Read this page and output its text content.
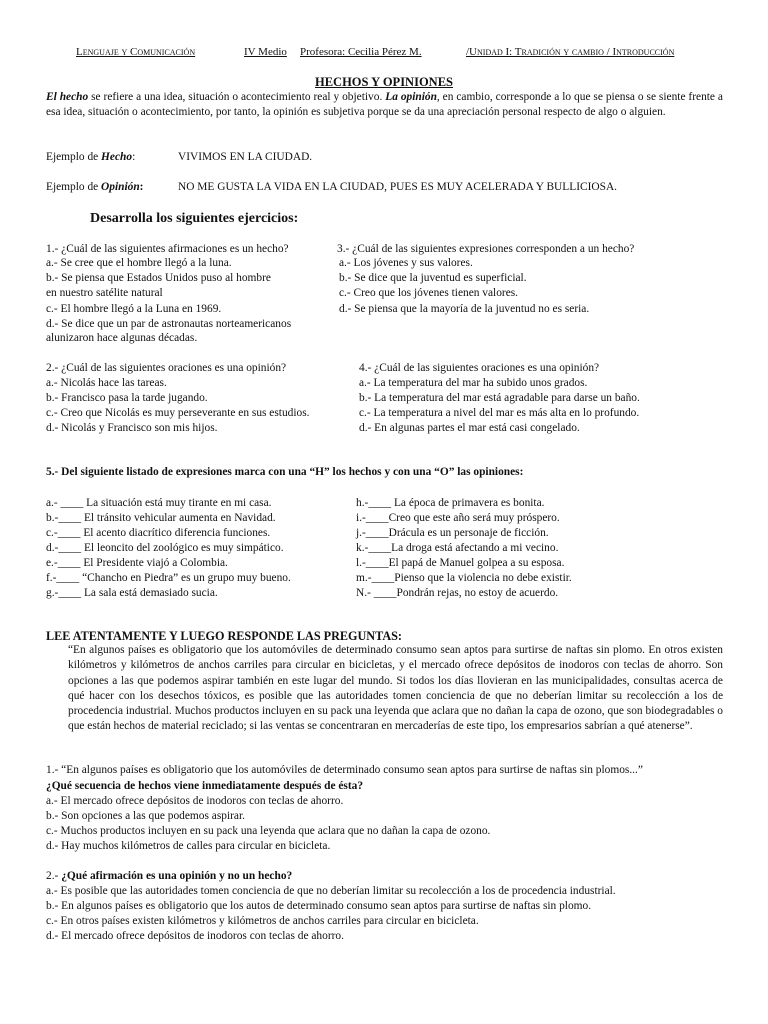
Lenguaje y Comunicación	IV Medio Profesora: Cecilia Pérez M.	/Unidad I: Tradición y cambio / Introducción
HECHOS Y OPINIONES
El hecho se refiere a una idea, situación o acontecimiento real y objetivo. La opinión, en cambio, corresponde a lo que se piensa o se siente frente a esa idea, situación o acontecimiento, por tanto, la opinión es subjetiva porque se da una apreciación personal respecto de algo o alguien.
Ejemplo de Hecho:	VIVIMOS EN LA CIUDAD.
Ejemplo de Opinión:	NO ME GUSTA LA VIDA EN LA CIUDAD, PUES ES MUY ACELERADA Y BULLICIOSA.
Desarrolla los siguientes ejercicios:
1.- ¿Cuál de las siguientes afirmaciones es un hecho?
a.- Se cree que el hombre llegó a la luna.
b.- Se piensa que Estados Unidos puso al hombre
en nuestro satélite natural
c.- El hombre llegó a la Luna en 1969.
d.- Se dice que un par de astronautas norteamericanos
alunizaron hace algunas décadas.
3.- ¿Cuál de las siguientes expresiones corresponden a un hecho?
a.- Los jóvenes y sus valores.
b.- Se dice que la juventud es superficial.
c.- Creo que los jóvenes tienen valores.
d.- Se piensa que la mayoría de la juventud no es seria.
2.- ¿Cuál de las siguientes oraciones es una opinión?
a.- Nicolás hace las tareas.
b.- Francisco pasa la tarde jugando.
c.- Creo que Nicolás es muy perseverante en sus estudios.
d.- Nicolás y Francisco son mis hijos.
4.- ¿Cuál de las siguientes oraciones es una opinión?
a.- La temperatura del mar ha subido unos grados.
b.- La temperatura del mar está agradable para darse un baño.
c.- La temperatura a nivel del mar es más alta en lo profundo.
d.- En algunas partes el mar está casi congelado.
5.- Del siguiente listado de expresiones marca con una “H” los hechos y con una “O” las opiniones:
a.- ____ La situación está muy tirante en mi casa.
b.-____ El tránsito vehicular aumenta en Navidad.
c.-____ El acento diacrítico diferencia funciones.
d.-____ El leoncito del zoológico es muy simpático.
e.-____ El Presidente viajó a Colombia.
f.-____ “Chancho en Piedra” es un grupo muy bueno.
g.-____ La sala está demasiado sucia.
h.-____ La época de primavera es bonita.
i.-____Creo que este año será muy próspero.
j.-____Drácula es un personaje de ficción.
k.-____La droga está afectando a mi vecino.
l.-____El papá de Manuel golpea a su esposa.
m.-____Pienso que la violencia no debe existir.
N.- ____Pondrán rejas, no estoy de acuerdo.
LEE ATENTAMENTE Y LUEGO RESPONDE LAS PREGUNTAS:
“En algunos países es obligatorio que los automóviles de determinado consumo sean aptos para surtirse de naftas sin plomo. En otros existen kilómetros y kilómetros de anchos carriles para circular en bicicletas, y el mercado ofrece depósitos de inodoros con teclas de ahorro. Son opciones a las que podemos aspirar también en este lugar del mundo. Si todos los días llovieran en las municipalidades, consultas acerca de qué hacer con los desechos tóxicos, es posible que las autoridades tomen conciencia de que no deberían limitar su recolección a los de procedencia industrial. Muchos productos incluyen en su pack una leyenda que aclara que no dañan la capa de ozono, que son biodegradables o que están hechos de material reciclado; si las ventas se concentraran en mercaderías de este tipo, los empresarios sabrían a qué atenerse”.
1.- “En algunos países es obligatorio que los automóviles de determinado consumo sean aptos para surtirse de naftas sin plomos...”
¿Qué secuencia de hechos viene inmediatamente después de ésta?
a.- El mercado ofrece depósitos de inodoros con teclas de ahorro.
b.- Son opciones a las que podemos aspirar.
c.- Muchos productos incluyen en su pack una leyenda que aclara que no dañan la capa de ozono.
d.- Hay muchos kilómetros de calles para circular en bicicleta.
2.- ¿Qué afirmación es una opinión y no un hecho?
a.- Es posible que las autoridades tomen conciencia de que no deberían limitar su recolección a los de procedencia industrial.
b.- En algunos países es obligatorio que los autos de determinado consumo sean aptos para surtirse de naftas sin plomo.
c.- En otros países existen kilómetros y kilómetros de anchos carriles para circular en bicicleta.
d.- El mercado ofrece depósitos de inodoros con teclas de ahorro.
